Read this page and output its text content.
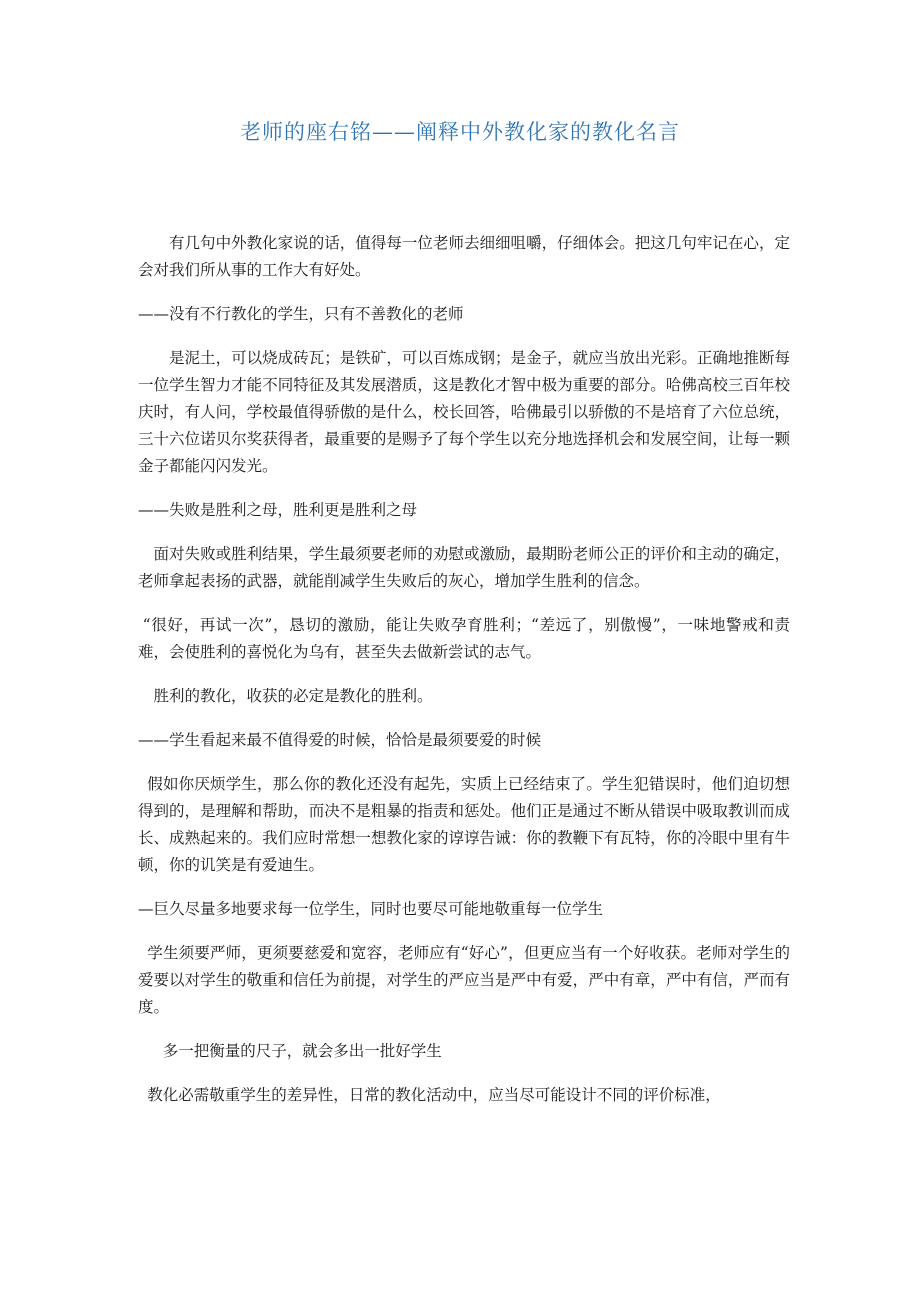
老师的座右铭——阐释中外教化家的教化名言

有几句中外教化家说的话，值得每一位老师去细细咀嚼，仔细体会。把这几句牢记在心，定会对我们所从事的工作大有好处。

——没有不行教化的学生，只有不善教化的老师

是泥土，可以烧成砖瓦；是铁矿，可以百炼成钢；是金子，就应当放出光彩。正确地推断每一位学生智力才能不同特征及其发展潜质，这是教化才智中极为重要的部分。哈佛高校三百年校庆时，有人问，学校最值得骄傲的是什么，校长回答，哈佛最引以骄傲的不是培育了六位总统，三十六位诺贝尔奖获得者，最重要的是赐予了每个学生以充分地选择机会和发展空间，让每一颗金子都能闪闪发光。

——失败是胜利之母，胜利更是胜利之母

面对失败或胜利结果，学生最须要老师的劝慰或激励，最期盼老师公正的评价和主动的确定，老师拿起表扬的武器，就能削减学生失败后的灰心，增加学生胜利的信念。

“很好，再试一次”，恳切的激励，能让失败孕育胜利；“差远了，别傲慢”，一味地警戒和责难，会使胜利的喜悦化为乌有，甚至失去做新尝试的志气。

胜利的教化，收获的必定是教化的胜利。

——学生看起来最不值得爱的时候，恰恰是最须要爱的时候

假如你厌烦学生，那么你的教化还没有起先，实质上已经结束了。学生犯错误时，他们迫切想得到的，是理解和帮助，而决不是粗暴的指责和惩处。他们正是通过不断从错误中吸取教训而成长、成熟起来的。我们应时常想一想教化家的谆谆告诫：你的教鞭下有瓦特，你的冷眼中里有牛顿，你的讥笑是有爱迪生。

—巨久尽量多地要求每一位学生，同时也要尽可能地敬重每一位学生

学生须要严师，更须要慈爱和宽容，老师应有“好心”，但更应当有一个好收获。老师对学生的爱要以对学生的敬重和信任为前提，对学生的严应当是严中有爱，严中有章，严中有信，严而有度。

多一把衡量的尺子，就会多出一批好学生

教化必需敬重学生的差异性，日常的教化活动中，应当尽可能设计不同的评价标准，
